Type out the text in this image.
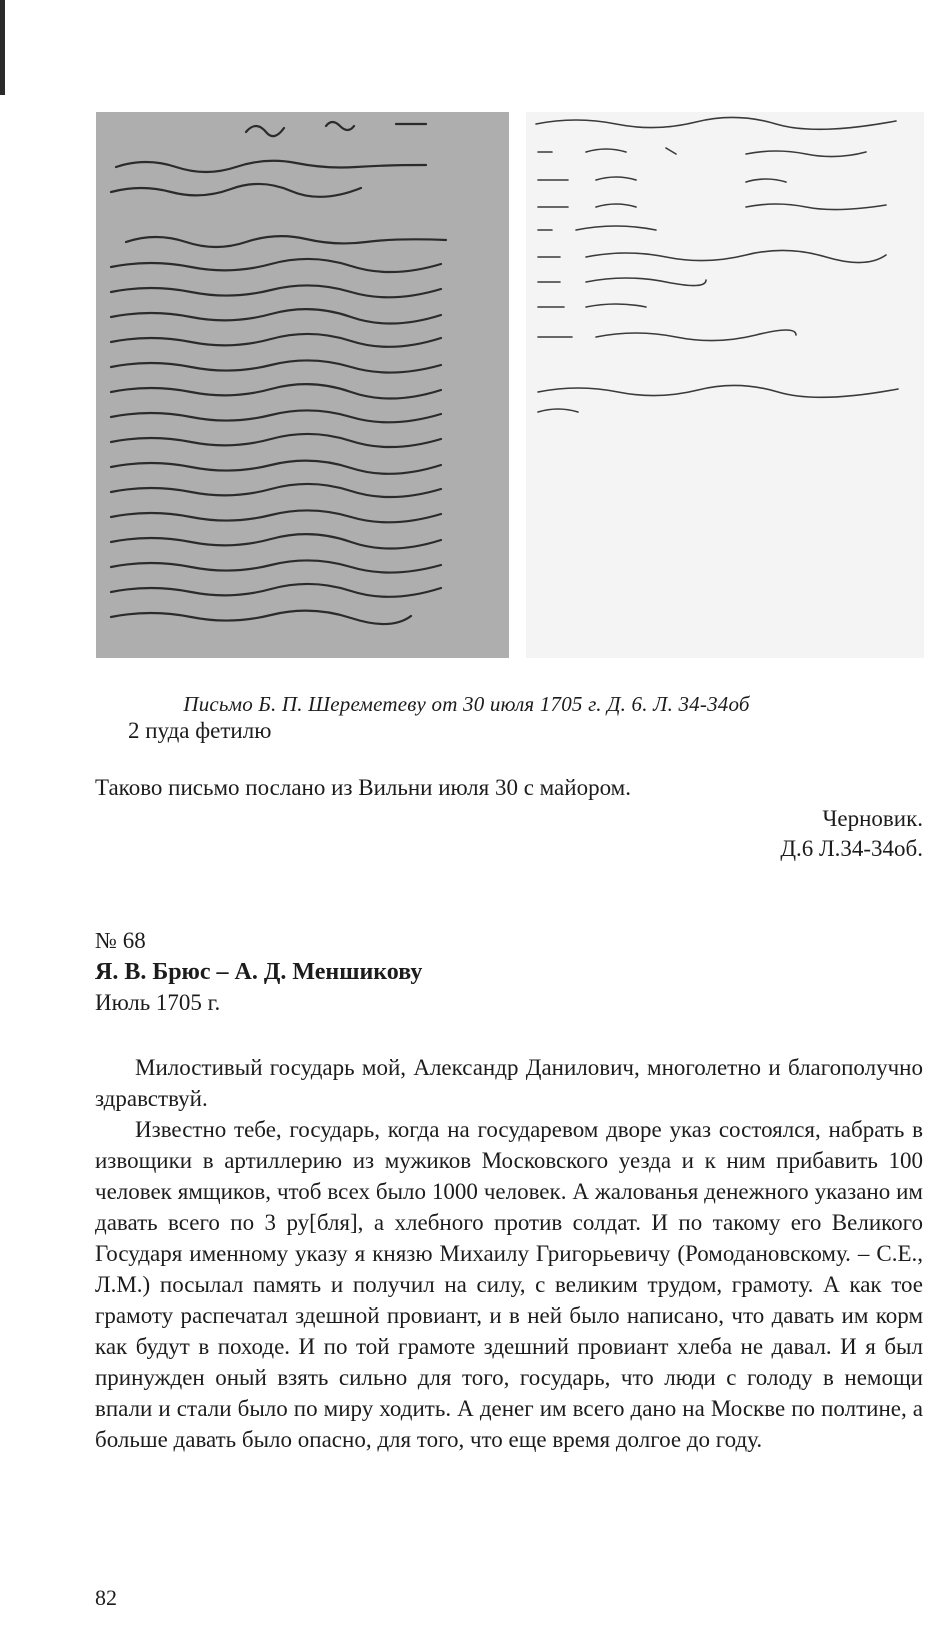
Письмо Б. П. Шереметеву от 30 июля 1705 г. Д. 6. Л. 34-34об
2 пуда фетилю
Таково письмо послано из Вильни июля 30 с майором.
Черновик.
Д.6 Л.34-34об.
№ 68
Я. В. Брюс – А. Д. Меншикову
Июль 1705 г.

Милостивый государь мой, Александр Данилович, многолетно и благополучно здравствуй.

Известно тебе, государь, когда на государевом дворе указ состоялся, набрать в извощики в артиллерию из мужиков Московского уезда и к ним прибавить 100 человек ямщиков, чтоб всех было 1000 человек. А жалованья денежного указано им давать всего по 3 ру[бля], а хлебного против солдат. И по такому его Великого Государя именному указу я князю Михаилу Григорьевичу (Ромодановскому. – С.Е., Л.М.) посылал память и получил на силу, с великим трудом, грамоту. А как тое грамоту распечатал здешной провиант, и в ней было написано, что давать им корм как будут в походе. И по той грамоте здешний провиант хлеба не давал. И я был принужден оный взять сильно для того, государь, что люди с голоду в немощи впали и стали было по миру ходить. А денег им всего дано на Москве по полтине, а больше давать было опасно, для того, что еще время долгое до году.

82
